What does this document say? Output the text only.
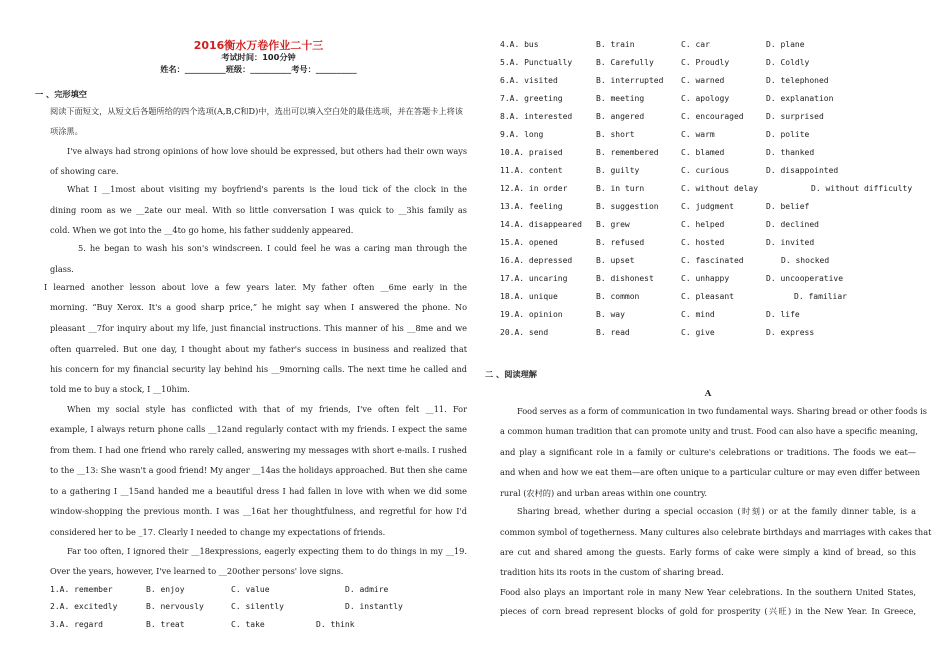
2016衡水万卷作业二十三
考试时间：100分钟
姓名：__________班级：__________考号：__________
一 、完形填空
阅读下面短文，从短文后各题所给的四个选项(A,B,C和D)中，选出可以填入空白处的最佳选项，并在答题卡上将该
项涂黑。
I've always had strong opinions of how love should be expressed, but others had their own ways
of showing care.
What I __1most about visiting my boyfriend's parents is the loud tick of the clock in the
dining room as we __2ate our meal. With so little conversation I was quick to __3his family as
cold. When we got into the __4to go home, his father suddenly appeared.
5. he began to wash his son's windscreen. I could feel he was a caring man through the
glass.
I learned another lesson about love a few years later. My father often __6me early in the
morning. “Buy Xerox. It's a good sharp price,” he might say when I answered the phone. No
pleasant __7for inquiry about my life, just financial instructions. This manner of his __8me and we
often quarreled. But one day, I thought about my father's success in business and realized that
his concern for my financial security lay behind his __9morning calls. The next time he called and
told me to buy a stock, I __10him.
When my social style has conflicted with that of my friends, I've often felt __11. For
example, I always return phone calls __12and regularly contact with my friends. I expect the same
from them. I had one friend who rarely called, answering my messages with short e-mails. I rushed
to the __13: She wasn't a good friend! My anger __14as the holidays approached. But then she came
to a gathering I __15and handed me a beautiful dress I had fallen in love with when we did some
window-shopping the previous month. I was __16at her thoughtfulness, and regretful for how I'd
considered her to be _17. Clearly I needed to change my expectations of friends.
Far too often, I ignored their __18expressions, eagerly expecting them to do things in my __19.
Over the years, however, I've learned to __20other persons' love signs.
1.A. remember	B. enjoy	C. value	D. admire
2.A. excitedly	B. nervously	C. silently	D. instantly
3.A. regard	B. treat	C. take	D. think
4.A. bus	B. train	C. car	D. plane
5.A. Punctually	B. Carefully	C. Proudly	D. Coldly
6.A. visited	B. interrupted C. warned	D. telephoned
7.A. greeting	B. meeting	C. apology	D. explanation
8.A. interested	B. angered	C. encouraged	D. surprised
9.A. long	B. short	C. warm	D. polite
10.A. praised	B. remembered	C. blamed	D. thanked
11.A. content	B. guilty	C. curious	D. disappointed
12.A. in order	B. in turn	C. without delay	D. without difficulty
13.A. feeling	B. suggestion	C. judgment	D. belief
14.A. disappeared B. grew	C. helped	D. declined
15.A. opened	B. refused	C. hosted	D. invited
16.A. depressed	B. upset	C. fascinated	D. shocked
17.A. uncaring	B. dishonest	C. unhappy	D. uncooperative
18.A. unique	B. common	C. pleasant	D. familiar
19.A. opinion	B. way	C. mind	D. life
20.A. send	B. read	C. give	D. express
二 、阅读理解
A
Food serves as a form of communication in two fundamental ways. Sharing bread or other foods is
a common human tradition that can promote unity and trust. Food can also have a specific meaning,
and play a significant role in a family or culture's celebrations or traditions. The foods we eat—
and when and how we eat them—are often unique to a particular culture or may even differ between
rural (农村的) and urban areas within one country.
Sharing bread, whether during a special occasion (时刻) or at the family dinner table, is a
common symbol of togetherness. Many cultures also celebrate birthdays and marriages with cakes that
are cut and shared among the guests. Early forms of cake were simply a kind of bread, so this
tradition hits its roots in the custom of sharing bread.
Food also plays an important role in many New Year celebrations. In the southern United States,
pieces of corn bread represent blocks of gold for prosperity (兴旺) in the New Year. In Greece,
